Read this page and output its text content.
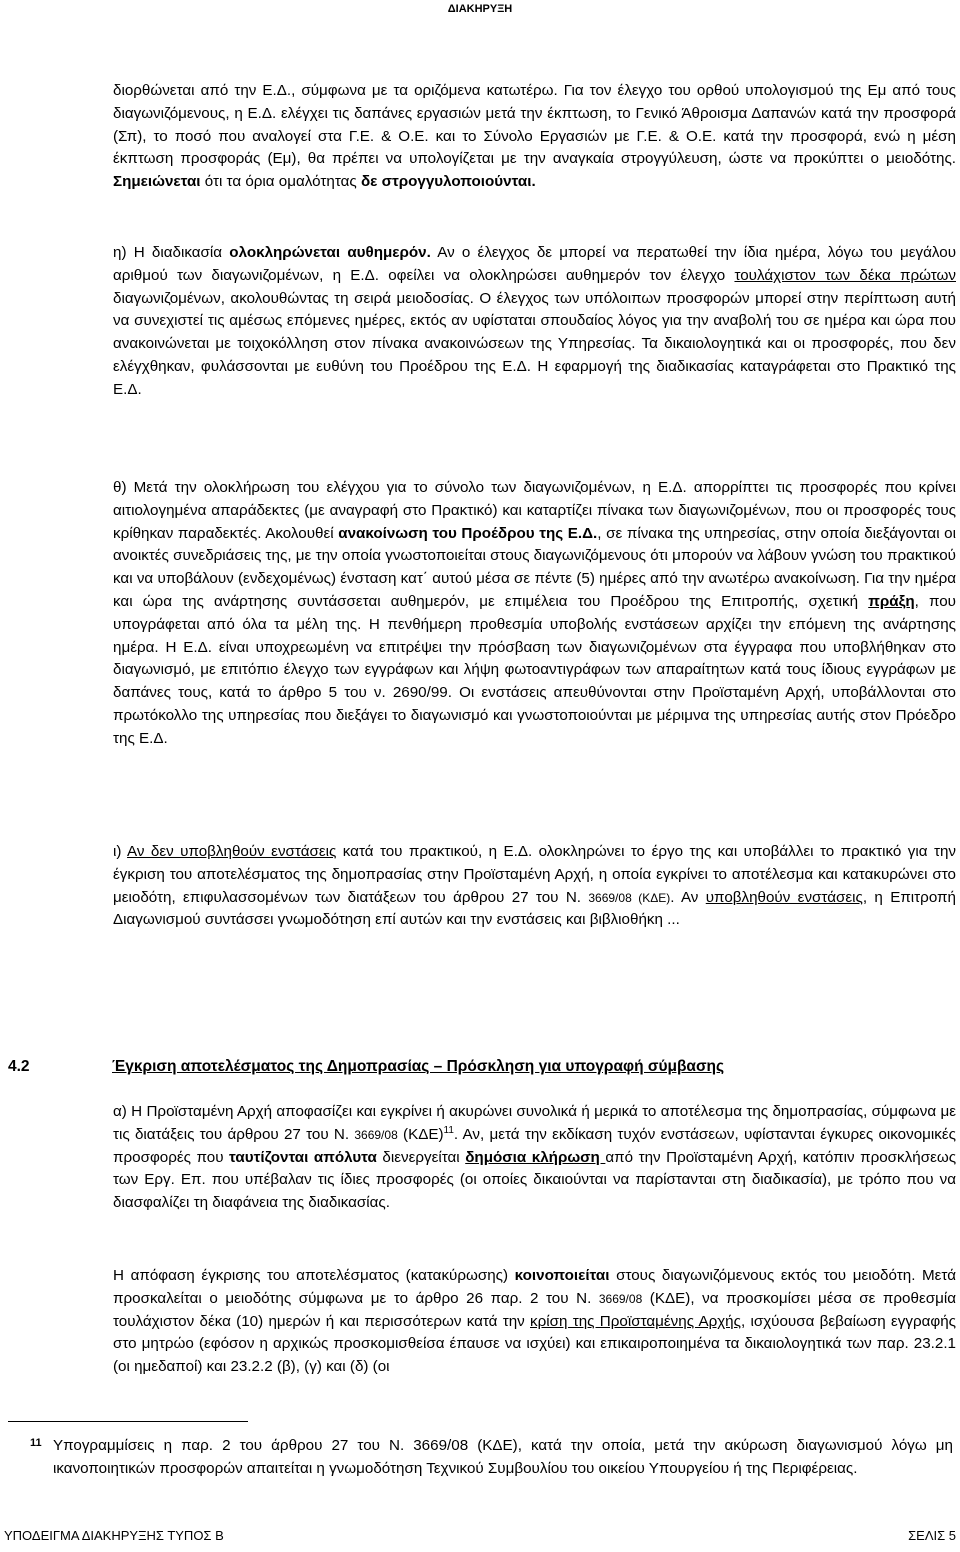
ΔΙΑΚΗΡΥΞΗ

διορθώνεται από την Ε.Δ., σύμφωνα με τα οριζόμενα κατωτέρω. Για τον έλεγχο του ορθού υπολογισμού της Εμ από τους διαγωνιζόμενους, η Ε.Δ. ελέγχει τις δαπάνες εργασιών μετά την έκπτωση, το Γενικό Άθροισμα Δαπανών κατά την προσφορά (Σπ), το ποσό που αναλογεί στα Γ.Ε. & Ο.Ε. και το Σύνολο Εργασιών με Γ.Ε. & Ο.Ε. κατά την προσφορά, ενώ η μέση έκπτωση προσφοράς (Εμ), θα πρέπει να υπολογίζεται με την αναγκαία στρογγύλευση, ώστε να προκύπτει ο μειοδότης. Σημειώνεται ότι τα όρια ομαλότητας δε στρογγυλοποιούνται.

η) Η διαδικασία ολοκληρώνεται αυθημερόν. Αν ο έλεγχος δε μπορεί να περατωθεί την ίδια ημέρα, λόγω του μεγάλου αριθμού των διαγωνιζομένων, η Ε.Δ. οφείλει να ολοκληρώσει αυθημερόν τον έλεγχο τουλάχιστον των δέκα πρώτων διαγωνιζομένων, ακολουθώντας τη σειρά μειοδοσίας. Ο έλεγχος των υπόλοιπων προσφορών μπορεί στην περίπτωση αυτή να συνεχιστεί τις αμέσως επόμενες ημέρες, εκτός αν υφίσταται σπουδαίος λόγος για την αναβολή του σε ημέρα και ώρα που ανακοινώνεται με τοιχοκόλληση στον πίνακα ανακοινώσεων της Υπηρεσίας. Τα δικαιολογητικά και οι προσφορές, που δεν ελέγχθηκαν, φυλάσσονται με ευθύνη του Προέδρου της Ε.Δ. Η εφαρμογή της διαδικασίας καταγράφεται στο Πρακτικό της Ε.Δ.

θ) Μετά την ολοκλήρωση του ελέγχου για το σύνολο των διαγωνιζομένων, η Ε.Δ. απορρίπτει τις προσφορές που κρίνει αιτιολογημένα απαράδεκτες (με αναγραφή στο Πρακτικό) και καταρτίζει πίνακα των διαγωνιζομένων, που οι προσφορές τους κρίθηκαν παραδεκτές. Ακολουθεί ανακοίνωση του Προέδρου της Ε.Δ., σε πίνακα της υπηρεσίας, στην οποία διεξάγονται οι ανοικτές συνεδριάσεις της, με την οποία γνωστοποιείται στους διαγωνιζόμενους ότι μπορούν να λάβουν γνώση του πρακτικού και να υποβάλουν (ενδεχομένως) ένσταση κατ΄ αυτού μέσα σε πέντε (5) ημέρες από την ανωτέρω ανακοίνωση. Για την ημέρα και ώρα της ανάρτησης συντάσσεται αυθημερόν, με επιμέλεια του Προέδρου της Επιτροπής, σχετική πράξη, που υπογράφεται από όλα τα μέλη της. Η πενθήμερη προθεσμία υποβολής ενστάσεων αρχίζει την επόμενη της ανάρτησης ημέρα. Η Ε.Δ. είναι υποχρεωμένη να επιτρέψει την πρόσβαση των διαγωνιζομένων στα έγγραφα που υποβλήθηκαν στο διαγωνισμό, με επιτόπιο έλεγχο των εγγράφων και λήψη φωτοαντιγράφων των απαραίτητων κατά τους ίδιους εγγράφων με δαπάνες τους, κατά το άρθρο 5 του ν. 2690/99. Οι ενστάσεις απευθύνονται στην Προϊσταμένη Αρχή, υποβάλλονται στο πρωτόκολλο της υπηρεσίας που διεξάγει το διαγωνισμό και γνωστοποιούνται με μέριμνα της υπηρεσίας αυτής στον Πρόεδρο της Ε.Δ.

ι) Αν δεν υποβληθούν ενστάσεις κατά του πρακτικού, η Ε.Δ. ολοκληρώνει το έργο της και υποβάλλει το πρακτικό για την έγκριση του αποτελέσματος της δημοπρασίας στην Προϊσταμένη Αρχή, η οποία εγκρίνει το αποτέλεσμα και κατακυρώνει στο μειοδότη, επιφυλασσομένων των διατάξεων του άρθρου 27 του Ν. 3669/08 (ΚΔΕ). Αν υποβληθούν ενστάσεις, η Επιτροπή Διαγωνισμού συντάσσει γνωμοδότηση επί αυτών και την ενστάσεις και βιβλιοθήκη ...

4.2	Έγκριση αποτελέσματος της Δημοπρασίας – Πρόσκληση για υπογραφή σύμβασης

α) Η Προϊσταμένη Αρχή αποφασίζει και εγκρίνει ή ακυρώνει συνολικά ή μερικά το αποτέλεσμα της δημοπρασίας, σύμφωνα με τις διατάξεις του άρθρου 27 του Ν. 3669/08 $(K\Delta E)^{11}$. Αν, μετά την εκδίκαση τυχόν ενστάσεων, υφίστανται έγκυρες οικονομικές προσφορές που ταυτίζονται απόλυτα διενεργείται δημόσια κλήρωση από την Προϊσταμένη Αρχή, κατόπιν προσκλήσεως των Εργ. Επ. που υπέβαλαν τις ίδιες προσφορές (οι οποίες δικαιούνται να παρίστανται στη διαδικασία), με τρόπο που να διασφαλίζει τη διαφάνεια της διαδικασίας.

Η απόφαση έγκρισης του αποτελέσματος (κατακύρωσης) κοινοποιείται στους διαγωνιζόμενους εκτός του μειοδότη. Μετά προσκαλείται ο μειοδότης σύμφωνα με το άρθρο 26 παρ. 2 του Ν. 3669/08 (ΚΔΕ), να προσκομίσει μέσα σε προθεσμία τουλάχιστον δέκα (10) ημερών ή και περισσότερων κατά την κρίση της Προϊσταμένης Αρχής, ισχύουσα βεβαίωση εγγραφής στο μητρώο (εφόσον η αρχικώς προσκομισθείσα έπαυσε να ισχύει) και επικαιροποιημένα τα δικαιολογητικά των παρ. 23.2.1 (οι ημεδαποί) και 23.2.2 (β), (γ) και (δ) (οι

11 Υπογραμμίσεις η παρ. 2 του άρθρου 27 του Ν. 3669/08 (ΚΔΕ), κατά την οποία, μετά την ακύρωση διαγωνισμού λόγω μη ικανοποιητικών προσφορών απαιτείται η γνωμοδότηση Τεχνικού Συμβουλίου του οικείου Υπουργείου ή της Περιφέρειας.
ΥΠΟΔΕΙΓΜΑ ΔΙΑΚΗΡΥΞΗΣ ΤΥΠΟΣ Β	ΣΕΛΙΣ 5
